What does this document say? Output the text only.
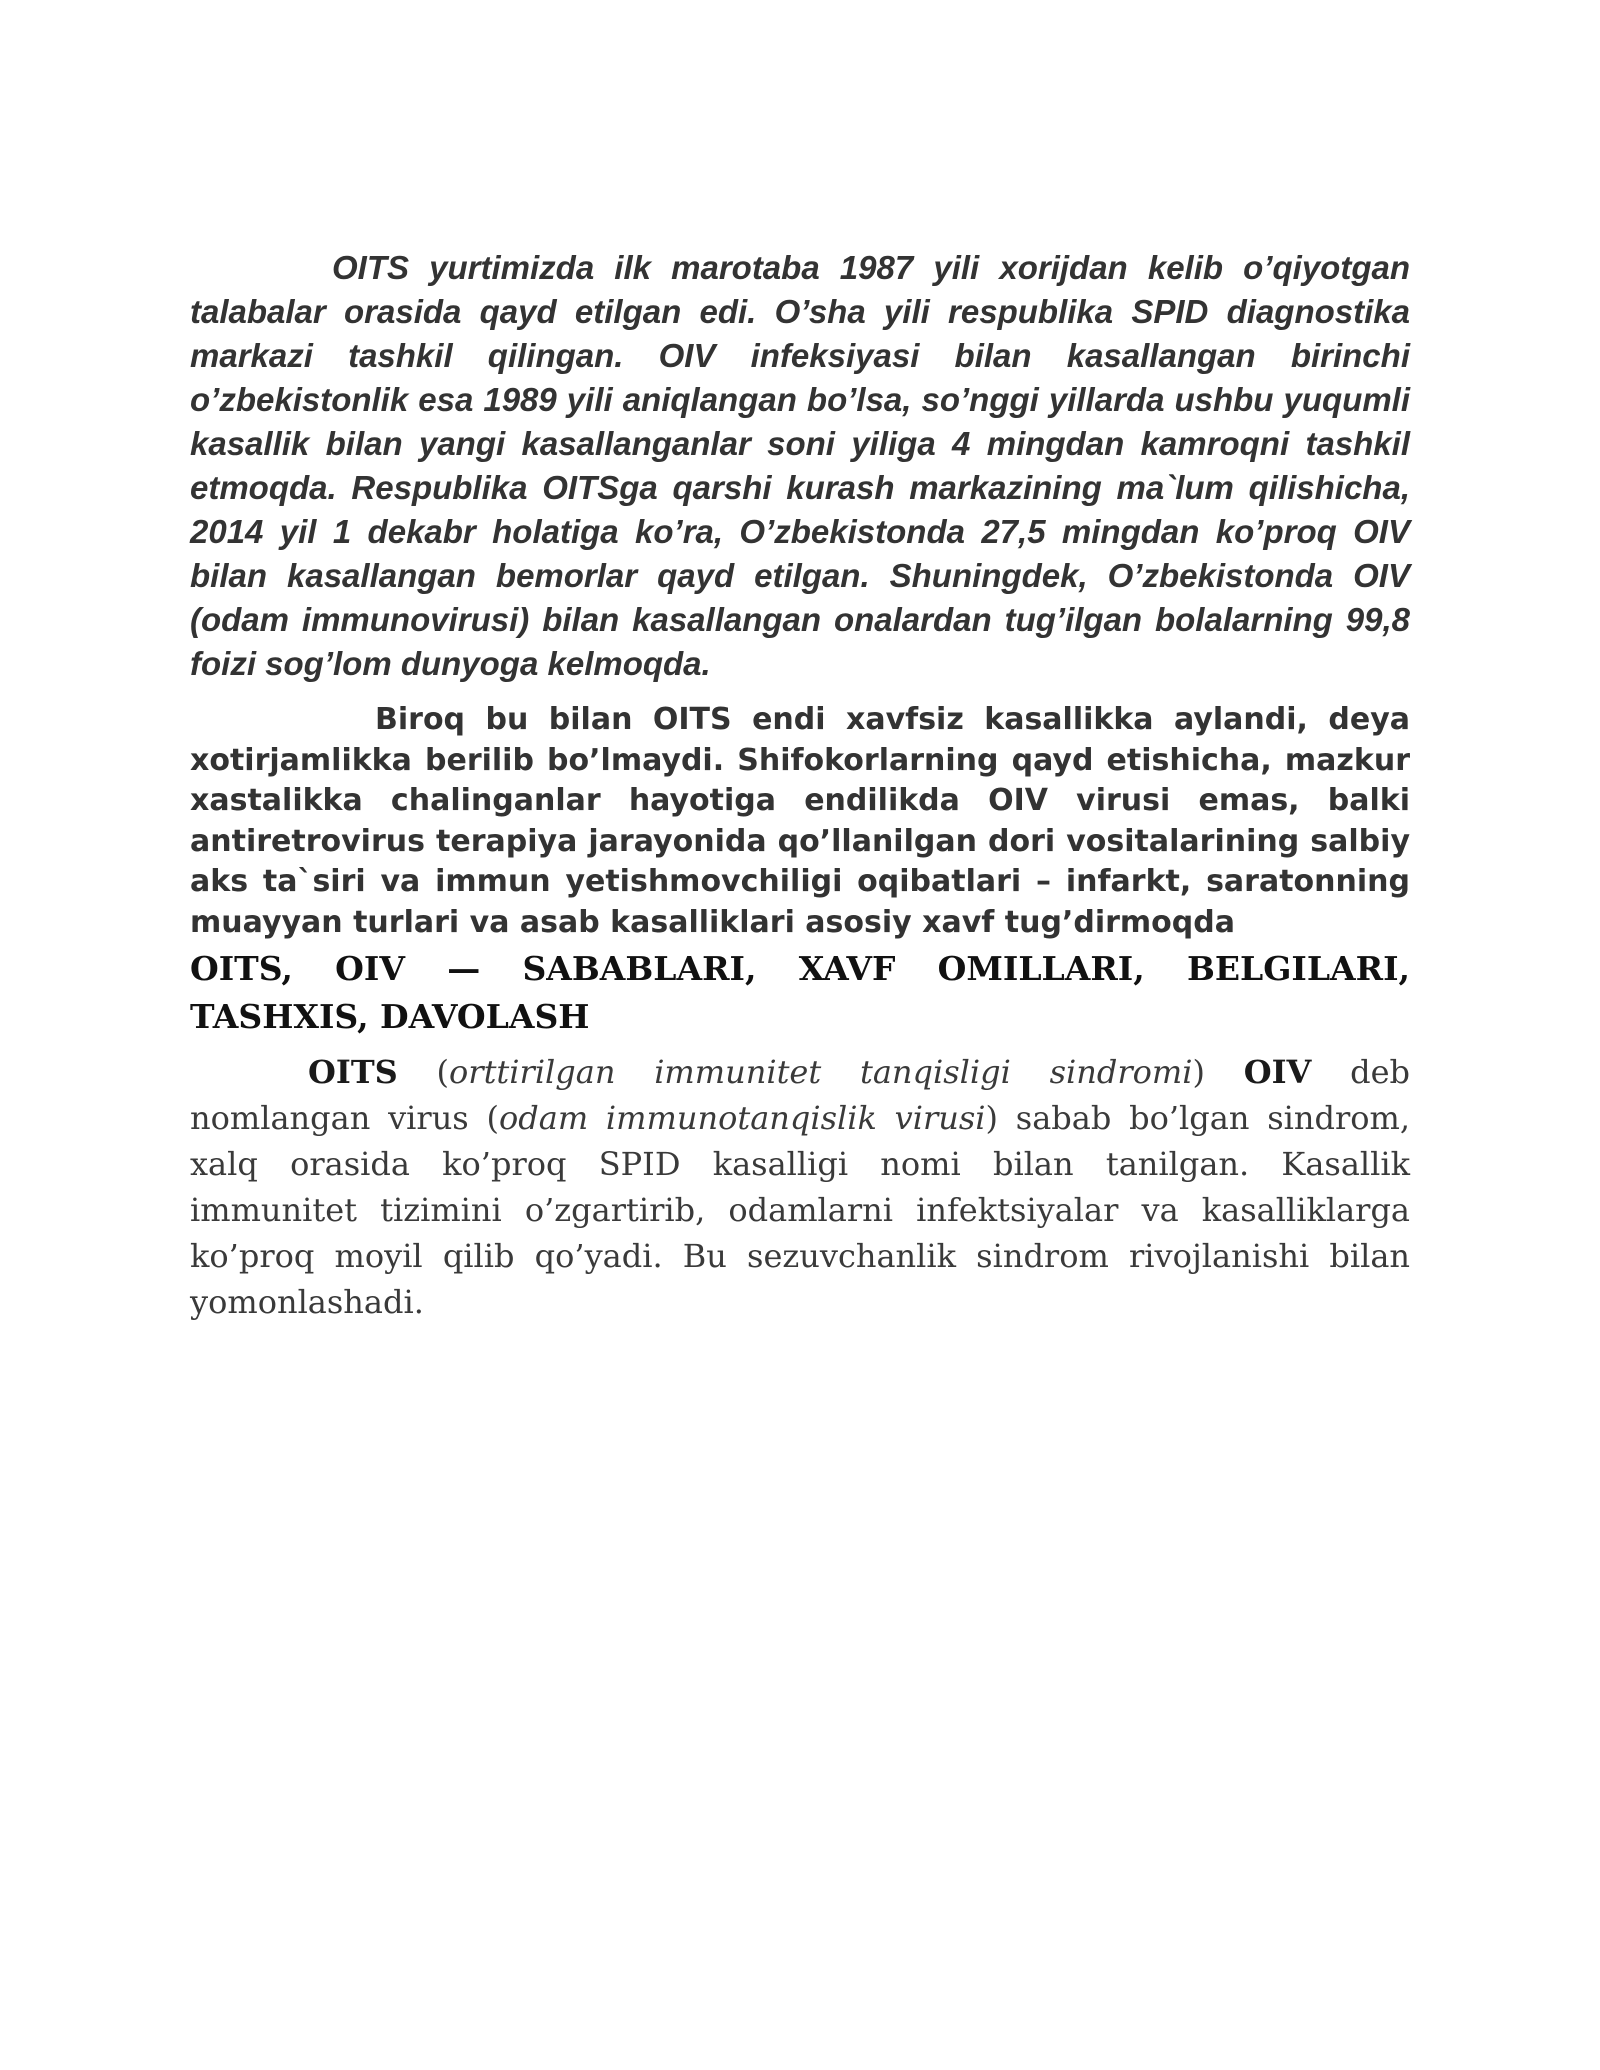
OITS yurtimizda ilk marotaba 1987 yili xorijdan kelib o’qiyotgan talabalar orasida qayd etilgan edi. O’sha yili respublika SPID diagnostika markazi tashkil qilingan. OIV infeksiyasi bilan kasallangan birinchi o’zbekistonlik esa 1989 yili aniqlangan bo’lsa, so’nggi yillarda ushbu yuqumli kasallik bilan yangi kasallanganlar soni yiliga 4 mingdan kamroqni tashkil etmoqda. Respublika OITSga qarshi kurash markazining ma`lum qilishicha, 2014 yil 1 dekabr holatiga ko’ra, O’zbekistonda 27,5 mingdan ko’proq OIV bilan kasallangan bemorlar qayd etilgan. Shuningdek, O’zbekistonda OIV (odam immunovirusi) bilan kasallangan onalardan tug’ilgan bolalarning 99,8 foizi sog’lom dunyoga kelmoqda.

Biroq bu bilan OITS endi xavfsiz kasallikka aylandi, deya xotirjamlikka berilib bo’lmaydi. Shifokorlarning qayd etishicha, mazkur xastalikka chalinganlar hayotiga endilikda OIV virusi emas, balki antiretrovirus terapiya jarayonida qo’llanilgan dori vositalarining salbiy aks ta`siri va immun yetishmovchiligi oqibatlari – infarkt, saratonning muayyan turlari va asab kasalliklari asosiy xavf tug’dirmoqda

OITS, OIV — SABABLARI, XAVF OMILLARI, BELGILARI, TASHXIS, DAVOLASH

OITS (orttirilgan immunitet tanqisligi sindromi) OIV deb nomlangan virus (odam immunotanqislik virusi) sabab bo’lgan sindrom, xalq orasida ko’proq SPID kasalligi nomi bilan tanilgan. Kasallik immunitet tizimini o’zgartirib, odamlarni infektsiyalar va kasalliklarga ko’proq moyil qilib qo’yadi. Bu sezuvchanlik sindrom rivojlanishi bilan yomonlashadi.
